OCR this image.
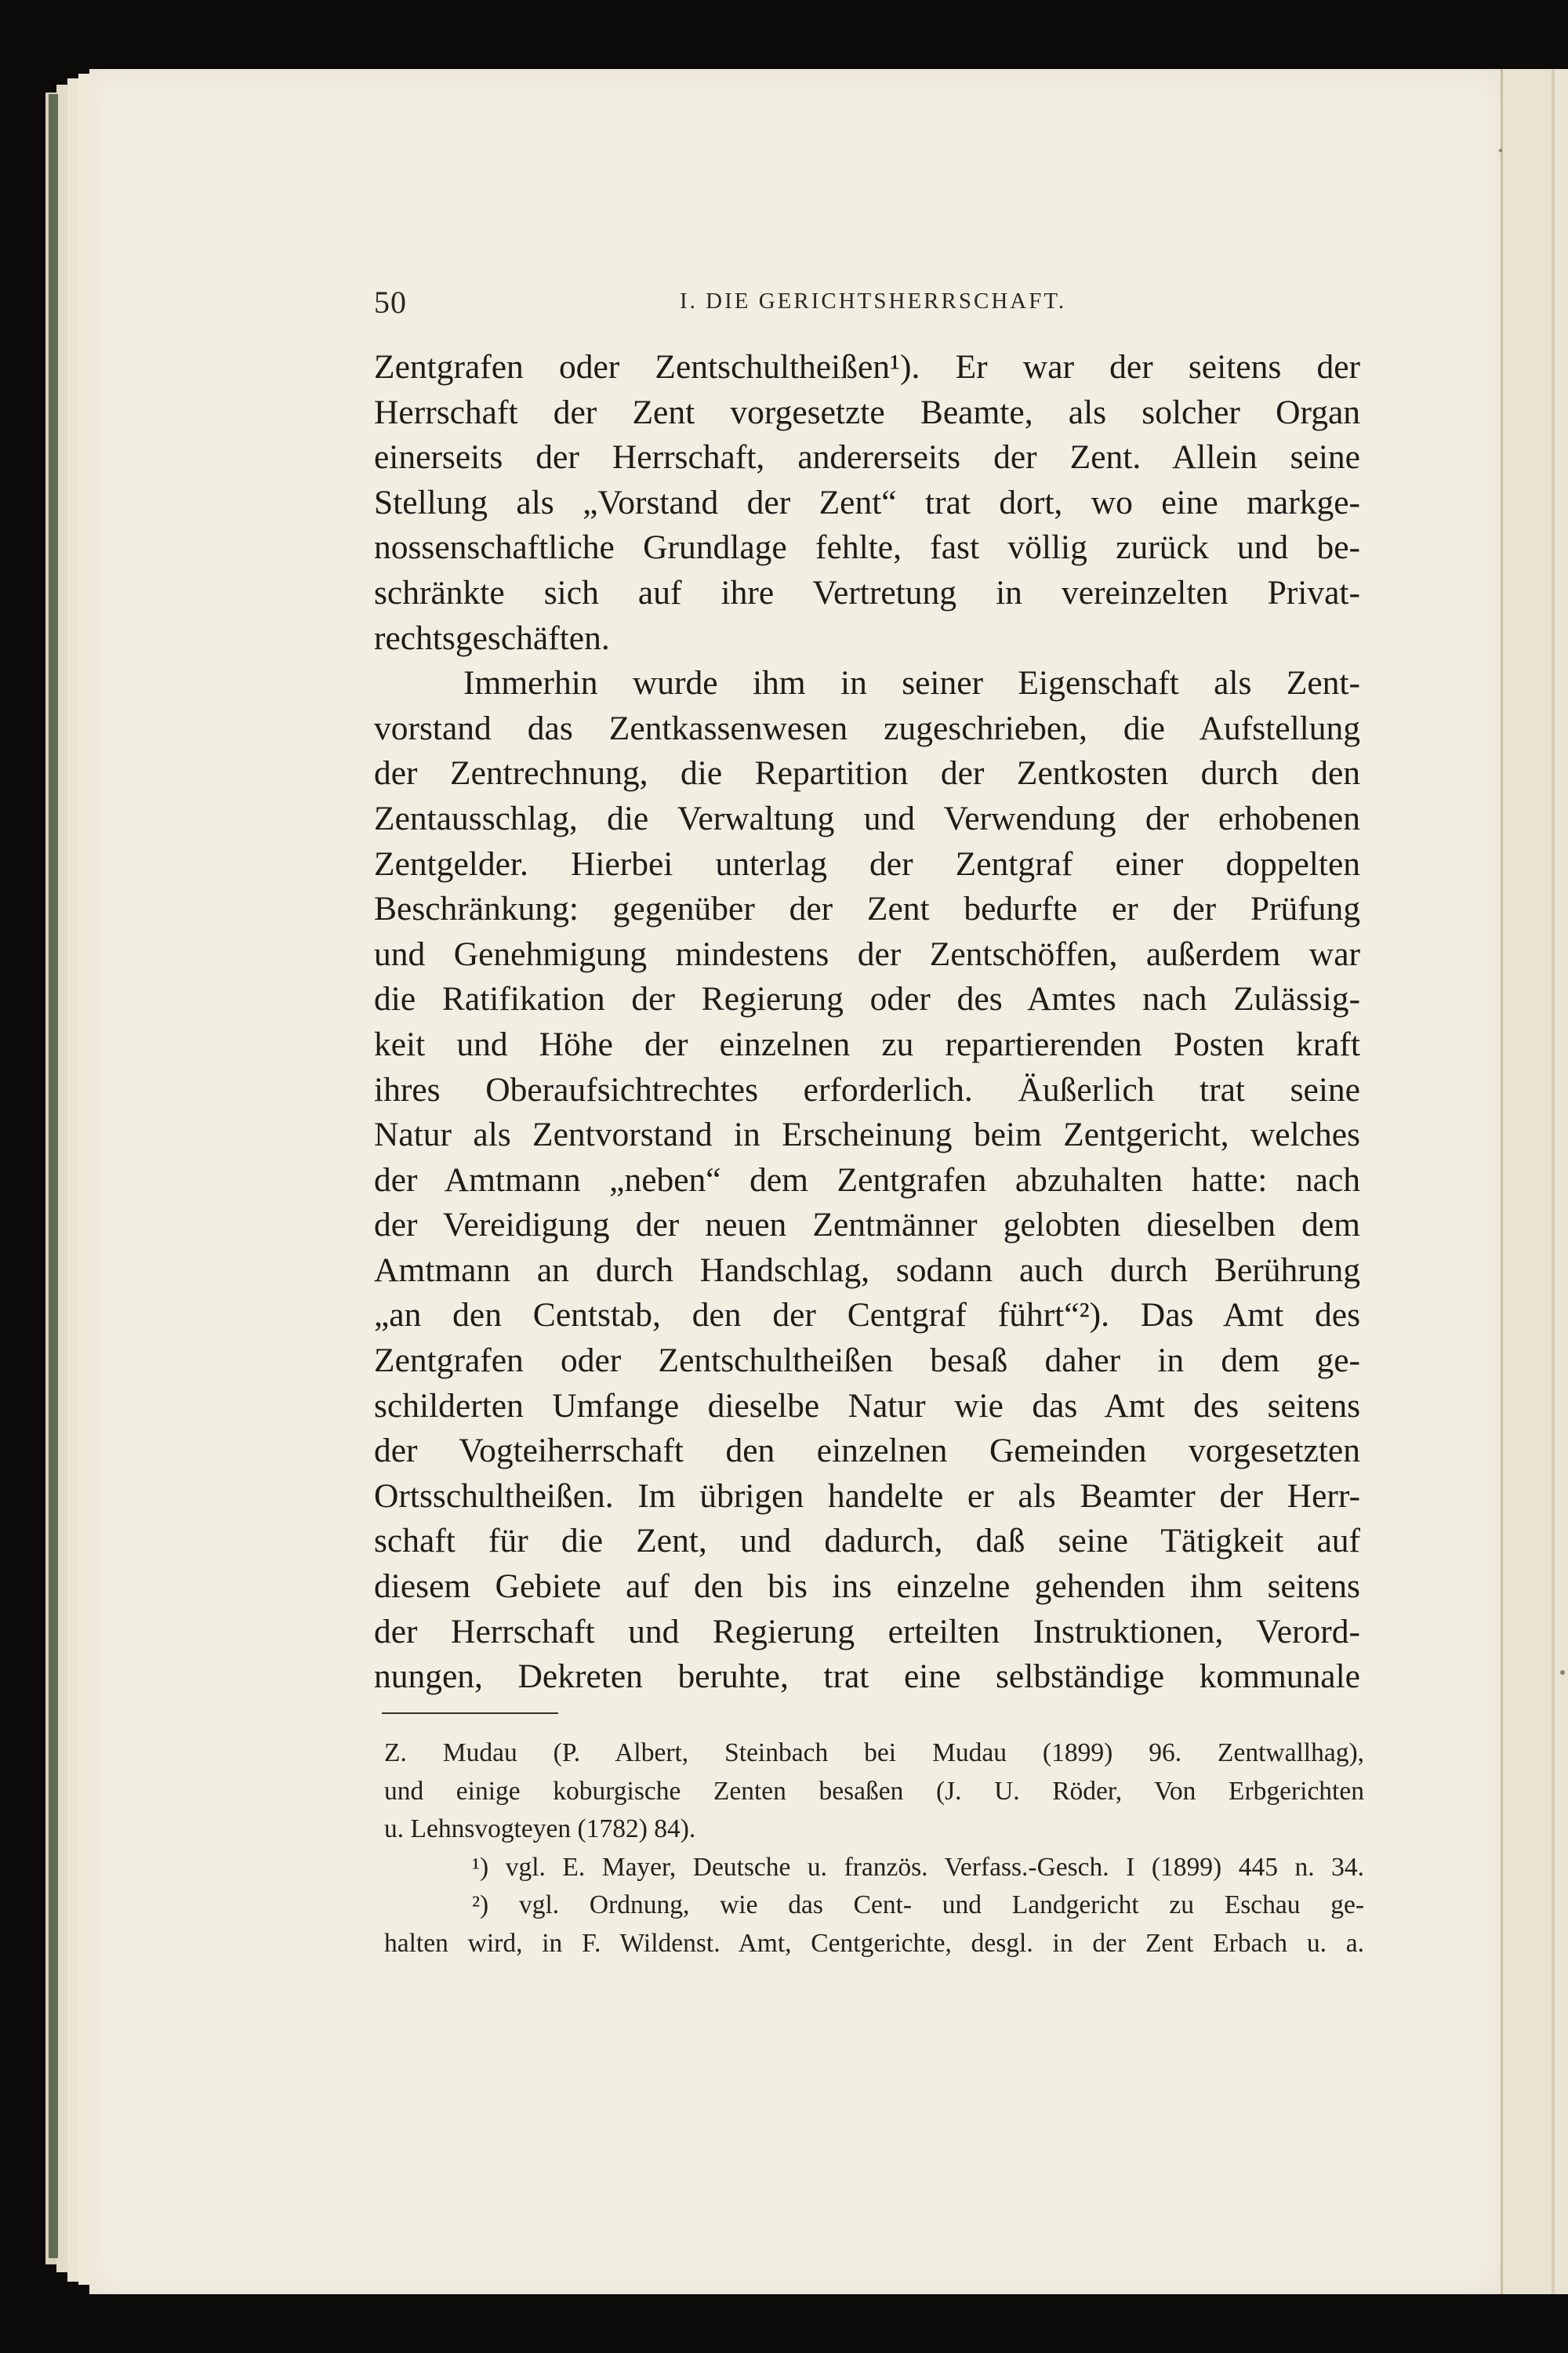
50	I. DIE GERICHTSHERRSCHAFT.
Zentgrafen oder Zentschultheißen¹). Er war der seitens der
Herrschaft der Zent vorgesetzte Beamte, als solcher Organ
einerseits der Herrschaft, andererseits der Zent. Allein seine
Stellung als „Vorstand der Zent“ trat dort, wo eine markge-
nossenschaftliche Grundlage fehlte, fast völlig zurück und be-
schränkte sich auf ihre Vertretung in vereinzelten Privat-
rechtsgeschäften.
Immerhin wurde ihm in seiner Eigenschaft als Zent-
vorstand das Zentkassenwesen zugeschrieben, die Aufstellung
der Zentrechnung, die Repartition der Zentkosten durch den
Zentausschlag, die Verwaltung und Verwendung der erhobenen
Zentgelder. Hierbei unterlag der Zentgraf einer doppelten
Beschränkung: gegenüber der Zent bedurfte er der Prüfung
und Genehmigung mindestens der Zentschöffen, außerdem war
die Ratifikation der Regierung oder des Amtes nach Zulässig-
keit und Höhe der einzelnen zu repartierenden Posten kraft
ihres Oberaufsichtrechtes erforderlich. Äußerlich trat seine
Natur als Zentvorstand in Erscheinung beim Zentgericht, welches
der Amtmann „neben“ dem Zentgrafen abzuhalten hatte: nach
der Vereidigung der neuen Zentmänner gelobten dieselben dem
Amtmann an durch Handschlag, sodann auch durch Berührung
„an den Centstab, den der Centgraf führt“²). Das Amt des
Zentgrafen oder Zentschultheißen besaß daher in dem ge-
schilderten Umfange dieselbe Natur wie das Amt des seitens
der Vogteiherrschaft den einzelnen Gemeinden vorgesetzten
Ortsschultheißen. Im übrigen handelte er als Beamter der Herr-
schaft für die Zent, und dadurch, daß seine Tätigkeit auf
diesem Gebiete auf den bis ins einzelne gehenden ihm seitens
der Herrschaft und Regierung erteilten Instruktionen, Verord-
nungen, Dekreten beruhte, trat eine selbständige kommunale
Z. Mudau (P. Albert, Steinbach bei Mudau (1899) 96. Zentwallhag),
und einige koburgische Zenten besaßen (J. U. Röder, Von Erbgerichten
u. Lehnsvogteyen (1782) 84).
¹) vgl. E. Mayer, Deutsche u. französ. Verfass.-Gesch. I (1899) 445 n. 34.
²) vgl. Ordnung, wie das Cent- und Landgericht zu Eschau ge-
halten wird, in F. Wildenst. Amt, Centgerichte, desgl. in der Zent Erbach u. a.
